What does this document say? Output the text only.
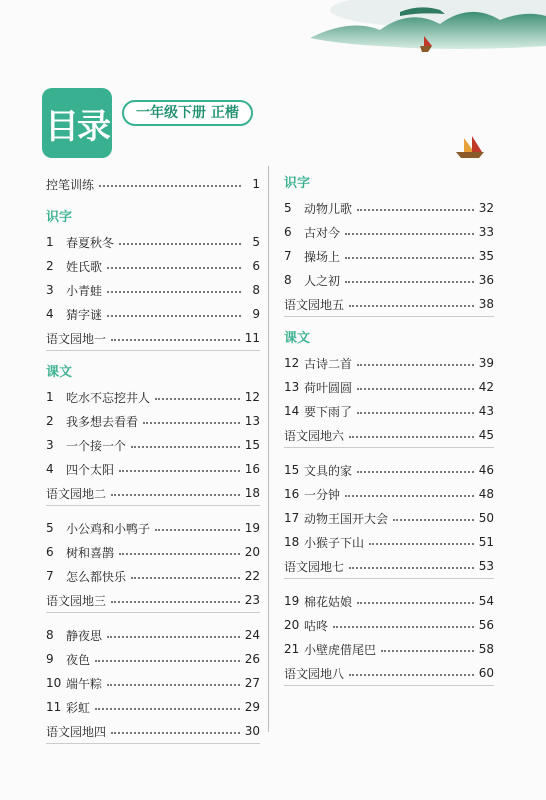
目录	一年级下册 正楷
控笔训练	1
识字
1	春夏秋冬	5
2	姓氏歌	6
3	小青蛙	8
4	猜字谜	9
语文园地一	11
课文
1	吃水不忘挖井人	12
2	我多想去看看	13
3	一个接一个	15
4	四个太阳	16
语文园地二	18
5	小公鸡和小鸭子	19
6	树和喜鹊	20
7	怎么都快乐	22
语文园地三	23
8	静夜思	24
9	夜色	26
10 端午粽	27
11 彩虹	29
语文园地四	30
识字
5	动物儿歌	32
6	古对今	33
7	操场上	35
8	人之初	36
语文园地五	38
课文
12 古诗二首	39
13 荷叶圆圆	42
14 要下雨了	43
语文园地六	45
15 文具的家	46
16 一分钟	48
17 动物王国开大会	50
18 小猴子下山	51
语文园地七	53
19 棉花姑娘	54
20 咕咚	56
21 小壁虎借尾巴	58
语文园地八	60
